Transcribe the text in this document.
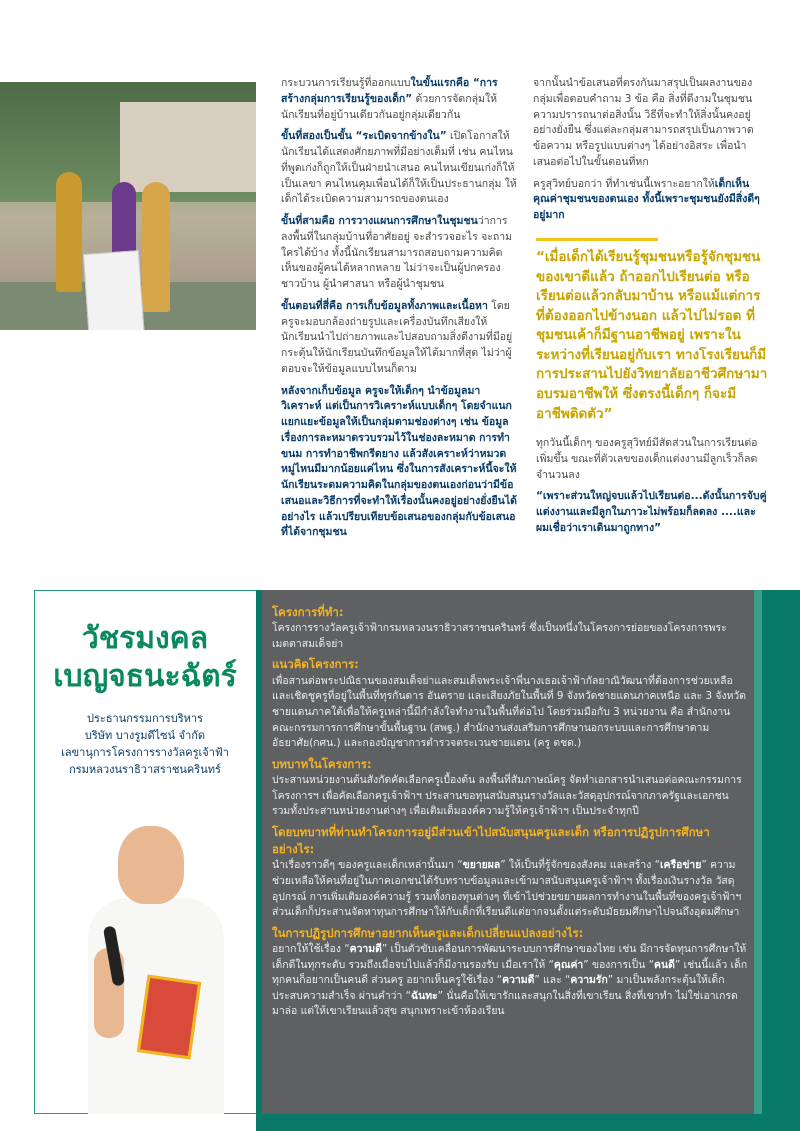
กระบวนการเรียนรู้ที่ออกแบบในขั้นแรกคือ “การสร้างกลุ่มการเรียนรู้ของเด็ก” ด้วยการจัดกลุ่มให้นักเรียนที่อยู่บ้านเดียวกันอยู่กลุ่มเดียวกัน

ขั้นที่สองเป็นขั้น “ระเบิดจากข้างใน” เปิดโอกาสให้นักเรียนได้แสดงศักยภาพที่มีอย่างเต็มที่ เช่น คนไหนที่พูดเก่งก็ถูกให้เป็นฝ่ายนำเสนอ คนไหนเขียนเก่งก็ให้เป็นเลขา คนไหนคุมเพื่อนได้ก็ให้เป็นประธานกลุ่ม ให้เด็กได้ระเบิดความสามารถของตนเอง

ขั้นที่สามคือ การวางแผนการศึกษาในชุมชนว่าการลงพื้นที่ในกลุ่มบ้านที่อาศัยอยู่ จะสำรวจอะไร จะถามใครได้บ้าง ทั้งนี้นักเรียนสามารถสอบถามความคิดเห็นของผู้คนได้หลากหลาย ไม่ว่าจะเป็นผู้ปกครอง ชาวบ้าน ผู้นำศาสนา หรือผู้นำชุมชน

ขั้นตอนที่สี่คือ การเก็บข้อมูลทั้งภาพและเนื้อหา โดยครูจะมอบกล้องถ่ายรูปและเครื่องบันทึกเสียงให้นักเรียนนำไปถ่ายภาพและไปสอบถามสิ่งดีงามที่มีอยู่ กระตุ้นให้นักเรียนบันทึกข้อมูลให้ได้มากที่สุด ไม่ว่าผู้ตอบจะให้ข้อมูลแบบไหนก็ตาม

หลังจากเก็บข้อมูล ครูจะให้เด็กๆ นำข้อมูลมาวิเคราะห์ แต่เป็นการวิเคราะห์แบบเด็กๆ โดยจำแนกแยกแยะข้อมูลให้เป็นกลุ่มตามช่องต่างๆ เช่น ข้อมูลเรื่องการละหมาดรวบรวมไว้ในช่องละหมาด การทำขนม การทำอาชีพกรีดยาง แล้วสังเคราะห์ว่าหมวดหมู่ไหนมีมากน้อยแค่ไหน ซึ่งในการสังเคราะห์นี้จะให้นักเรียนระดมความคิดในกลุ่มของตนเองก่อนว่ามีข้อเสนอและวิธีการที่จะทำให้เรื่องนั้นคงอยู่อย่างยั่งยืนได้อย่างไร แล้วเปรียบเทียบข้อเสนอของกลุ่มกับข้อเสนอที่ได้จากชุมชน

จากนั้นนำข้อเสนอที่ตรงกันมาสรุปเป็นผลงานของกลุ่มเพื่อตอบคำถาม 3 ข้อ คือ สิ่งที่ดีงามในชุมชนความปรารถนาต่อสิ่งนั้น วิธีที่จะทำให้สิ่งนั้นคงอยู่อย่างยั่งยืน ซึ่งแต่ละกลุ่มสามารถสรุปเป็นภาพวาด ข้อความ หรือรูปแบบต่างๆ ได้อย่างอิสระ เพื่อนำเสนอต่อไปในขั้นตอนที่หก

ครูสุวิทย์บอกว่า ที่ทำเช่นนี้เพราะอยากให้เด็กเห็นคุณค่าชุมชนของตนเอง ทั้งนี้เพราะชุมชนยังมีสิ่งดีๆ อยู่มาก

“เมื่อเด็กได้เรียนรู้ชุมชนหรือรู้จักชุมชนของเขาดีแล้ว ถ้าออกไปเรียนต่อ หรือเรียนต่อแล้วกลับมาบ้าน หรือแม้แต่การที่ต้องออกไปข้างนอก แล้วไปไม่รอด ที่ชุมชนเค้าก็มีฐานอาชีพอยู่ เพราะในระหว่างที่เรียนอยู่กับเรา ทางโรงเรียนก็มีการประสานไปยังวิทยาลัยอาชีวศึกษามาอบรมอาชีพให้ ซึ่งตรงนี้เด็กๆ ก็จะมีอาชีพติดตัว”

ทุกวันนี้เด็กๆ ของครูสุวิทย์มีสัดส่วนในการเรียนต่อเพิ่มขึ้น ขณะที่ตัวเลขของเด็กแต่งงานมีลูกเร็วก็ลดจำนวนลง

“เพราะส่วนใหญ่จบแล้วไปเรียนต่อ...ดังนั้นการจับคู่แต่งงานและมีลูกในภาวะไม่พร้อมก็ลดลง ....และผมเชื่อว่าเราเดินมาถูกทาง”

วัชรมงคล
เบญจธนะฉัตร์
ประธานกรรมการบริหาร
บริษัท บางรูมดีไซน์ จำกัด
เลขานุการโครงการรางวัลครูเจ้าฟ้า
กรมหลวงนราธิวาสราชนครินทร์
โครงการที่ทำ:

โครงการรางวัลครูเจ้าฟ้ากรมหลวงนราธิวาสราชนครินทร์ ซึ่งเป็นหนึ่งในโครงการย่อยของโครงการพระเมตตาสมเด็จย่า

แนวคิดโครงการ:

เพื่อสานต่อพระปณิธานของสมเด็จย่าและสมเด็จพระเจ้าพี่นางเธอเจ้าฟ้ากัลยาณิวัฒนาที่ต้องการช่วยเหลือและเชิดชูครูที่อยู่ในพื้นที่ทุรกันดาร อันตราย และเสียงภัยในพื้นที่ 9 จังหวัดชายแดนภาคเหนือ และ 3 จังหวัดชายแดนภาคใต้เพื่อให้ครูเหล่านี้มีกำลังใจทำงานในพื้นที่ต่อไป โดยร่วมมือกับ 3 หน่วยงาน คือ สำนักงานคณะกรรมการการศึกษาขั้นพื้นฐาน (สพฐ.) สำนักงานส่งเสริมการศึกษานอกระบบและการศึกษาตามอัธยาศัย(กศน.) และกองบัญชาการตำรวจตระเวนชายแดน (ครู ตชด.)

บทบาทในโครงการ:

ประสานหน่วยงานต้นสังกัดคัดเลือกครูเบื้องต้น ลงพื้นที่สัมภาษณ์ครู จัดทำเอกสารนำเสนอต่อคณะกรรมการโครงการฯ เพื่อคัดเลือกครูเจ้าฟ้าฯ ประสานขอทุนสนับสนุนรางวัลและวัสดุอุปกรณ์จากภาครัฐและเอกชน รวมทั้งประสานหน่วยงานต่างๆ เพื่อเติมเต็มองค์ความรู้ให้ครูเจ้าฟ้าฯ เป็นประจำทุกปี

โดยบทบาทที่ท่านทำโครงการอยู่มีส่วนเข้าไปสนับสนุนครูและเด็ก หรือการปฏิรูปการศึกษาอย่างไร:

นำเรื่องราวดีๆ ของครูและเด็กเหล่านั้นมา “ขยายผล” ให้เป็นที่รู้จักของสังคม และสร้าง “เครือข่าย” ความช่วยเหลือให้คนที่อยู่ในภาคเอกชนได้รับทราบข้อมูลและเข้ามาสนับสนุนครูเจ้าฟ้าฯ ทั้งเรื่องเงินรางวัล วัสดุอุปกรณ์ การเพิ่มเติมองค์ความรู้ รวมทั้งกองทุนต่างๆ ที่เข้าไปช่วยขยายผลการทำงานในพื้นที่ของครูเจ้าฟ้าฯ ส่วนเด็กก็ประสานจัดหาทุนการศึกษาให้กับเด็กที่เรียนดีแต่ยากจนตั้งแต่ระดับมัธยมศึกษาไปจนถึงอุดมศึกษา

ในการปฏิรูปการศึกษาอยากเห็นครูและเด็กเปลี่ยนแปลงอย่างไร:

อยากให้ใช้เรื่อง “ความดี” เป็นตัวขับเคลื่อนการพัฒนาระบบการศึกษาของไทย เช่น มีการจัดทุนการศึกษาให้เด็กดีในทุกระดับ รวมถึงเมื่อจบไปแล้วก็มีงานรองรับ เมื่อเราให้ “คุณค่า” ของการเป็น “คนดี” เช่นนี้แล้ว เด็กทุกคนก็อยากเป็นคนดี ส่วนครู อยากเห็นครูใช้เรื่อง “ความดี” และ “ความรัก” มาเป็นพลังกระตุ้นให้เด็กประสบความสำเร็จ ผ่านคำว่า “ฉันทะ” นั่นคือให้เขารักและสนุกในสิ่งที่เขาเรียน สิ่งที่เขาทำ ไม่ใช่เอาเกรดมาล่อ แต่ให้เขาเรียนแล้วสุข สนุกเพราะเข้าห้องเรียน
